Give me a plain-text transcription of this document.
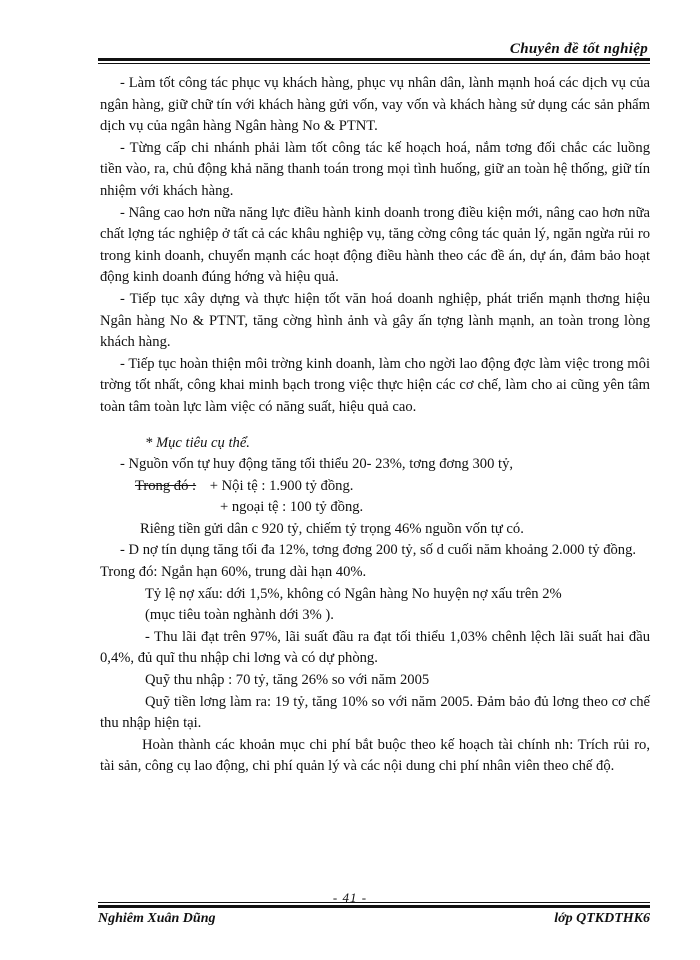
Chuyên đề tốt nghiệp

- Làm tốt công tác phục vụ khách hàng, phục vụ nhân dân, lành mạnh hoá các dịch vụ của ngân hàng, giữ chữ tín với khách hàng gửi vốn, vay vốn và khách hàng sử dụng các sản phẩm dịch vụ của ngân hàng Ngân hàng No & PTNT.

- Từng cấp chi nhánh phải làm tốt công tác kế hoạch hoá, nắm tơng đối chắc các luồng tiền vào, ra, chủ động khả năng thanh toán trong mọi tình huống, giữ an toàn hệ thống, giữ tín nhiệm với khách hàng.

- Nâng cao hơn nữa năng lực điều hành kinh doanh trong điều kiện mới, nâng cao hơn nữa chất lợng tác nghiệp ở tất cả các khâu nghiệp vụ, tăng cờng công tác quản lý, ngăn ngừa rủi ro trong kinh doanh, chuyển mạnh các hoạt động điều hành theo các đề án, dự án, đảm bảo hoạt động kinh doanh đúng hớng và hiệu quả.

- Tiếp tục xây dựng và thực hiện tốt văn hoá doanh nghiệp, phát triển mạnh thơng hiệu Ngân hàng No & PTNT, tăng cờng hình ảnh và gây ấn tợng lành mạnh, an toàn trong lòng khách hàng.

- Tiếp tục hoàn thiện môi trờng kinh doanh, làm cho ngời lao động đợc làm việc trong môi trờng tốt nhất, công khai minh bạch trong việc thực hiện các cơ chế, làm cho ai cũng yên tâm toàn tâm toàn lực làm việc có năng suất, hiệu quả cao.

* Mục tiêu cụ thể.

- Nguồn vốn tự huy động tăng tối thiểu 20- 23%, tơng đơng 300 tỷ,

Trong đó : + Nội tệ : 1.900 tỷ đồng.

+ ngoại tệ : 100 tỷ đồng.

Riêng tiền gửi dân c 920 tỷ, chiếm tỷ trọng 46% nguồn vốn tự có.

- D nợ tín dụng tăng tối đa 12%, tơng đơng 200 tỷ, số d cuối năm khoảng 2.000 tỷ đồng.

Trong đó: Ngắn hạn 60%, trung dài hạn 40%.

Tỷ lệ nợ xấu: dới 1,5%, không có Ngân hàng No huyện nợ xấu trên 2%

(mục tiêu toàn nghành dới 3% ).

- Thu lãi đạt trên 97%, lãi suất đầu ra đạt tối thiểu 1,03% chênh lệch lãi suất hai đầu 0,4%, đủ quĩ thu nhập chi lơng và có dự phòng.

Quỹ thu nhập : 70 tỷ, tăng 26% so với năm 2005

Quỹ tiền lơng làm ra: 19 tỷ, tăng 10% so với năm 2005. Đảm bảo đủ lơng theo cơ chế thu nhập hiện tại.

Hoàn thành các khoản mục chi phí bắt buộc theo kế hoạch tài chính nh: Trích rủi ro, tài sản, công cụ lao động, chi phí quản lý và các nội dung chi phí nhân viên theo chế độ.

- 41 -
Nghiêm Xuân Dũng	lớp QTKDTHK6
